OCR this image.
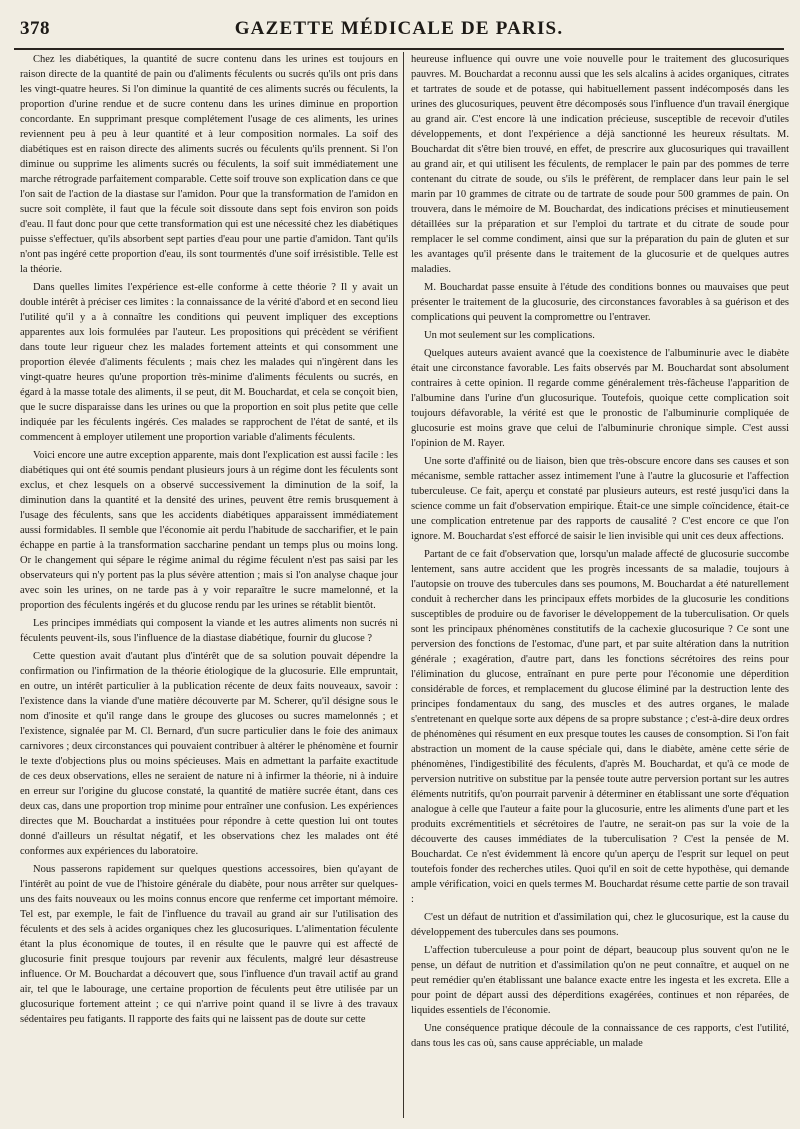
378	GAZETTE MÉDICALE DE PARIS.

Chez les diabétiques, la quantité de sucre contenu dans les urines est toujours en raison directe de la quantité de pain ou d'aliments féculents ou sucrés qu'ils ont pris dans les vingt-quatre heures. Si l'on diminue la quantité de ces aliments sucrés ou féculents, la proportion d'urine rendue et de sucre contenu dans les urines diminue en proportion concordante. En supprimant presque complétement l'usage de ces aliments, les urines reviennent peu à peu à leur quantité et à leur composition normales. La soif des diabétiques est en raison directe des aliments sucrés ou féculents qu'ils prennent. Si l'on diminue ou supprime les aliments sucrés ou féculents, la soif suit immédiatement une marche rétrograde parfaitement comparable. Cette soif trouve son explication dans ce que l'on sait de l'action de la diastase sur l'amidon. Pour que la transformation de l'amidon en sucre soit complète, il faut que la fécule soit dissoute dans sept fois environ son poids d'eau. Il faut donc pour que cette transformation qui est une nécessité chez les diabétiques puisse s'effectuer, qu'ils absorbent sept parties d'eau pour une partie d'amidon. Tant qu'ils n'ont pas ingéré cette proportion d'eau, ils sont tourmentés d'une soif irrésistible. Telle est la théorie.

Dans quelles limites l'expérience est-elle conforme à cette théorie ? Il y avait un double intérêt à préciser ces limites : la connaissance de la vérité d'abord et en second lieu l'utilité qu'il y a à connaître les conditions qui peuvent impliquer des exceptions apparentes aux lois formulées par l'auteur. Les propositions qui précèdent se vérifient dans toute leur rigueur chez les malades fortement atteints et qui consomment une proportion élevée d'aliments féculents ; mais chez les malades qui n'ingèrent dans les vingt-quatre heures qu'une proportion très-minime d'aliments féculents ou sucrés, en égard à la masse totale des aliments, il se peut, dit M. Bouchardat, et cela se conçoit bien, que le sucre disparaisse dans les urines ou que la proportion en soit plus petite que celle indiquée par les féculents ingérés. Ces malades se rapprochent de l'état de santé, et ils commencent à employer utilement une proportion variable d'aliments féculents.

Voici encore une autre exception apparente, mais dont l'explication est aussi facile : les diabétiques qui ont été soumis pendant plusieurs jours à un régime dont les féculents sont exclus, et chez lesquels on a observé successivement la diminution de la soif, la diminution dans la quantité et la densité des urines, peuvent être remis brusquement à l'usage des féculents, sans que les accidents diabétiques apparaissent immédiatement aussi formidables. Il semble que l'économie ait perdu l'habitude de saccharifier, et le pain échappe en partie à la transformation saccharine pendant un temps plus ou moins long. Or le changement qui sépare le régime animal du régime féculent n'est pas saisi par les observateurs qui n'y portent pas la plus sévère attention ; mais si l'on analyse chaque jour avec soin les urines, on ne tarde pas à y voir reparaître le sucre mamelonné, et la proportion des féculents ingérés et du glucose rendu par les urines se rétablit bientôt.

Les principes immédiats qui composent la viande et les autres aliments non sucrés ni féculents peuvent-ils, sous l'influence de la diastase diabétique, fournir du glucose ?

Cette question avait d'autant plus d'intérêt que de sa solution pouvait dépendre la confirmation ou l'infirmation de la théorie étiologique de la glucosurie. Elle empruntait, en outre, un intérêt particulier à la publication récente de deux faits nouveaux, savoir : l'existence dans la viande d'une matière découverte par M. Scherer, qu'il désigne sous le nom d'inosite et qu'il range dans le groupe des glucoses ou sucres mamelonnés ; et l'existence, signalée par M. Cl. Bernard, d'un sucre particulier dans le foie des animaux carnivores ; deux circonstances qui pouvaient contribuer à altérer le phénomène et fournir le texte d'objections plus ou moins spécieuses. Mais en admettant la parfaite exactitude de ces deux observations, elles ne seraient de nature ni à infirmer la théorie, ni à induire en erreur sur l'origine du glucose constaté, la quantité de matière sucrée étant, dans ces deux cas, dans une proportion trop minime pour entraîner une confusion. Les expériences directes que M. Bouchardat a instituées pour répondre à cette question lui ont toutes donné d'ailleurs un résultat négatif, et les observations chez les malades ont été conformes aux expériences du laboratoire.

Nous passerons rapidement sur quelques questions accessoires, bien qu'ayant de l'intérêt au point de vue de l'histoire générale du diabète, pour nous arrêter sur quelques-uns des faits nouveaux ou les moins connus encore que renferme cet important mémoire. Tel est, par exemple, le fait de l'influence du travail au grand air sur l'utilisation des féculents et des sels à acides organiques chez les glucosuriques. L'alimentation féculente étant la plus économique de toutes, il en résulte que le pauvre qui est affecté de glucosurie finit presque toujours par revenir aux féculents, malgré leur désastreuse influence. Or M. Bouchardat a découvert que, sous l'influence d'un travail actif au grand air, tel que le labourage, une certaine proportion de féculents peut être utilisée par un glucosurique fortement atteint ; ce qui n'arrive point quand il se livre à des travaux sédentaires peu fatigants. Il rapporte des faits qui ne laissent pas de doute sur cette

heureuse influence qui ouvre une voie nouvelle pour le traitement des glucosuriques pauvres. M. Bouchardat a reconnu aussi que les sels alcalins à acides organiques, citrates et tartrates de soude et de potasse, qui habituellement passent indécomposés dans les urines des glucosuriques, peuvent être décomposés sous l'influence d'un travail énergique au grand air. C'est encore là une indication précieuse, susceptible de recevoir d'utiles développements, et dont l'expérience a déjà sanctionné les heureux résultats. M. Bouchardat dit s'être bien trouvé, en effet, de prescrire aux glucosuriques qui travaillent au grand air, et qui utilisent les féculents, de remplacer le pain par des pommes de terre contenant du citrate de soude, ou s'ils le préfèrent, de remplacer dans leur pain le sel marin par 10 grammes de citrate ou de tartrate de soude pour 500 grammes de pain. On trouvera, dans le mémoire de M. Bouchardat, des indications précises et minutieusement détaillées sur la préparation et sur l'emploi du tartrate et du citrate de soude pour remplacer le sel comme condiment, ainsi que sur la préparation du pain de gluten et sur les avantages qu'il présente dans le traitement de la glucosurie et de quelques autres maladies.

M. Bouchardat passe ensuite à l'étude des conditions bonnes ou mauvaises que peut présenter le traitement de la glucosurie, des circonstances favorables à sa guérison et des complications qui peuvent la compromettre ou l'entraver.

Un mot seulement sur les complications.

Quelques auteurs avaient avancé que la coexistence de l'albuminurie avec le diabète était une circonstance favorable. Les faits observés par M. Bouchardat sont absolument contraires à cette opinion. Il regarde comme généralement très-fâcheuse l'apparition de l'albumine dans l'urine d'un glucosurique. Toutefois, quoique cette complication soit toujours défavorable, la vérité est que le pronostic de l'albuminurie compliquée de glucosurie est moins grave que celui de l'albuminurie chronique simple. C'est aussi l'opinion de M. Rayer.

Une sorte d'affinité ou de liaison, bien que très-obscure encore dans ses causes et son mécanisme, semble rattacher assez intimement l'une à l'autre la glucosurie et l'affection tuberculeuse. Ce fait, aperçu et constaté par plusieurs auteurs, est resté jusqu'ici dans la science comme un fait d'observation empirique. Était-ce une simple coïncidence, était-ce une complication entretenue par des rapports de causalité ? C'est encore ce que l'on ignore. M. Bouchardat s'est efforcé de saisir le lien invisible qui unit ces deux affections.

Partant de ce fait d'observation que, lorsqu'un malade affecté de glucosurie succombe lentement, sans autre accident que les progrès incessants de sa maladie, toujours à l'autopsie on trouve des tubercules dans ses poumons, M. Bouchardat a été naturellement conduit à rechercher dans les principaux effets morbides de la glucosurie les conditions susceptibles de produire ou de favoriser le développement de la tuberculisation. Or quels sont les principaux phénomènes constitutifs de la cachexie glucosurique ? Ce sont une perversion des fonctions de l'estomac, d'une part, et par suite altération dans la nutrition générale ; exagération, d'autre part, dans les fonctions sécrétoires des reins pour l'élimination du glucose, entraînant en pure perte pour l'économie une déperdition considérable de forces, et remplacement du glucose éliminé par la destruction lente des principes fondamentaux du sang, des muscles et des autres organes, le malade s'entretenant en quelque sorte aux dépens de sa propre substance ; c'est-à-dire deux ordres de phénomènes qui résument en eux presque toutes les causes de consomption. Si l'on fait abstraction un moment de la cause spéciale qui, dans le diabète, amène cette série de phénomènes, l'indigestibilité des féculents, d'après M. Bouchardat, et qu'à ce mode de perversion nutritive on substitue par la pensée toute autre perversion portant sur les autres éléments nutritifs, qu'on pourrait parvenir à déterminer en établissant une sorte d'équation analogue à celle que l'auteur a faite pour la glucosurie, entre les aliments d'une part et les produits excrémentitiels et sécrétoires de l'autre, ne serait-on pas sur la voie de la découverte des causes immédiates de la tuberculisation ? C'est la pensée de M. Bouchardat. Ce n'est évidemment là encore qu'un aperçu de l'esprit sur lequel on peut toutefois fonder des recherches utiles. Quoi qu'il en soit de cette hypothèse, qui demande ample vérification, voici en quels termes M. Bouchardat résume cette partie de son travail :

C'est un défaut de nutrition et d'assimilation qui, chez le glucosurique, est la cause du développement des tubercules dans ses poumons.

L'affection tuberculeuse a pour point de départ, beaucoup plus souvent qu'on ne le pense, un défaut de nutrition et d'assimilation qu'on ne peut connaître, et auquel on ne peut remédier qu'en établissant une balance exacte entre les ingesta et les excreta. Elle a pour point de départ aussi des déperditions exagérées, continues et non réparées, de liquides essentiels de l'économie.

Une conséquence pratique découle de la connaissance de ces rapports, c'est l'utilité, dans tous les cas où, sans cause appréciable, un malade
